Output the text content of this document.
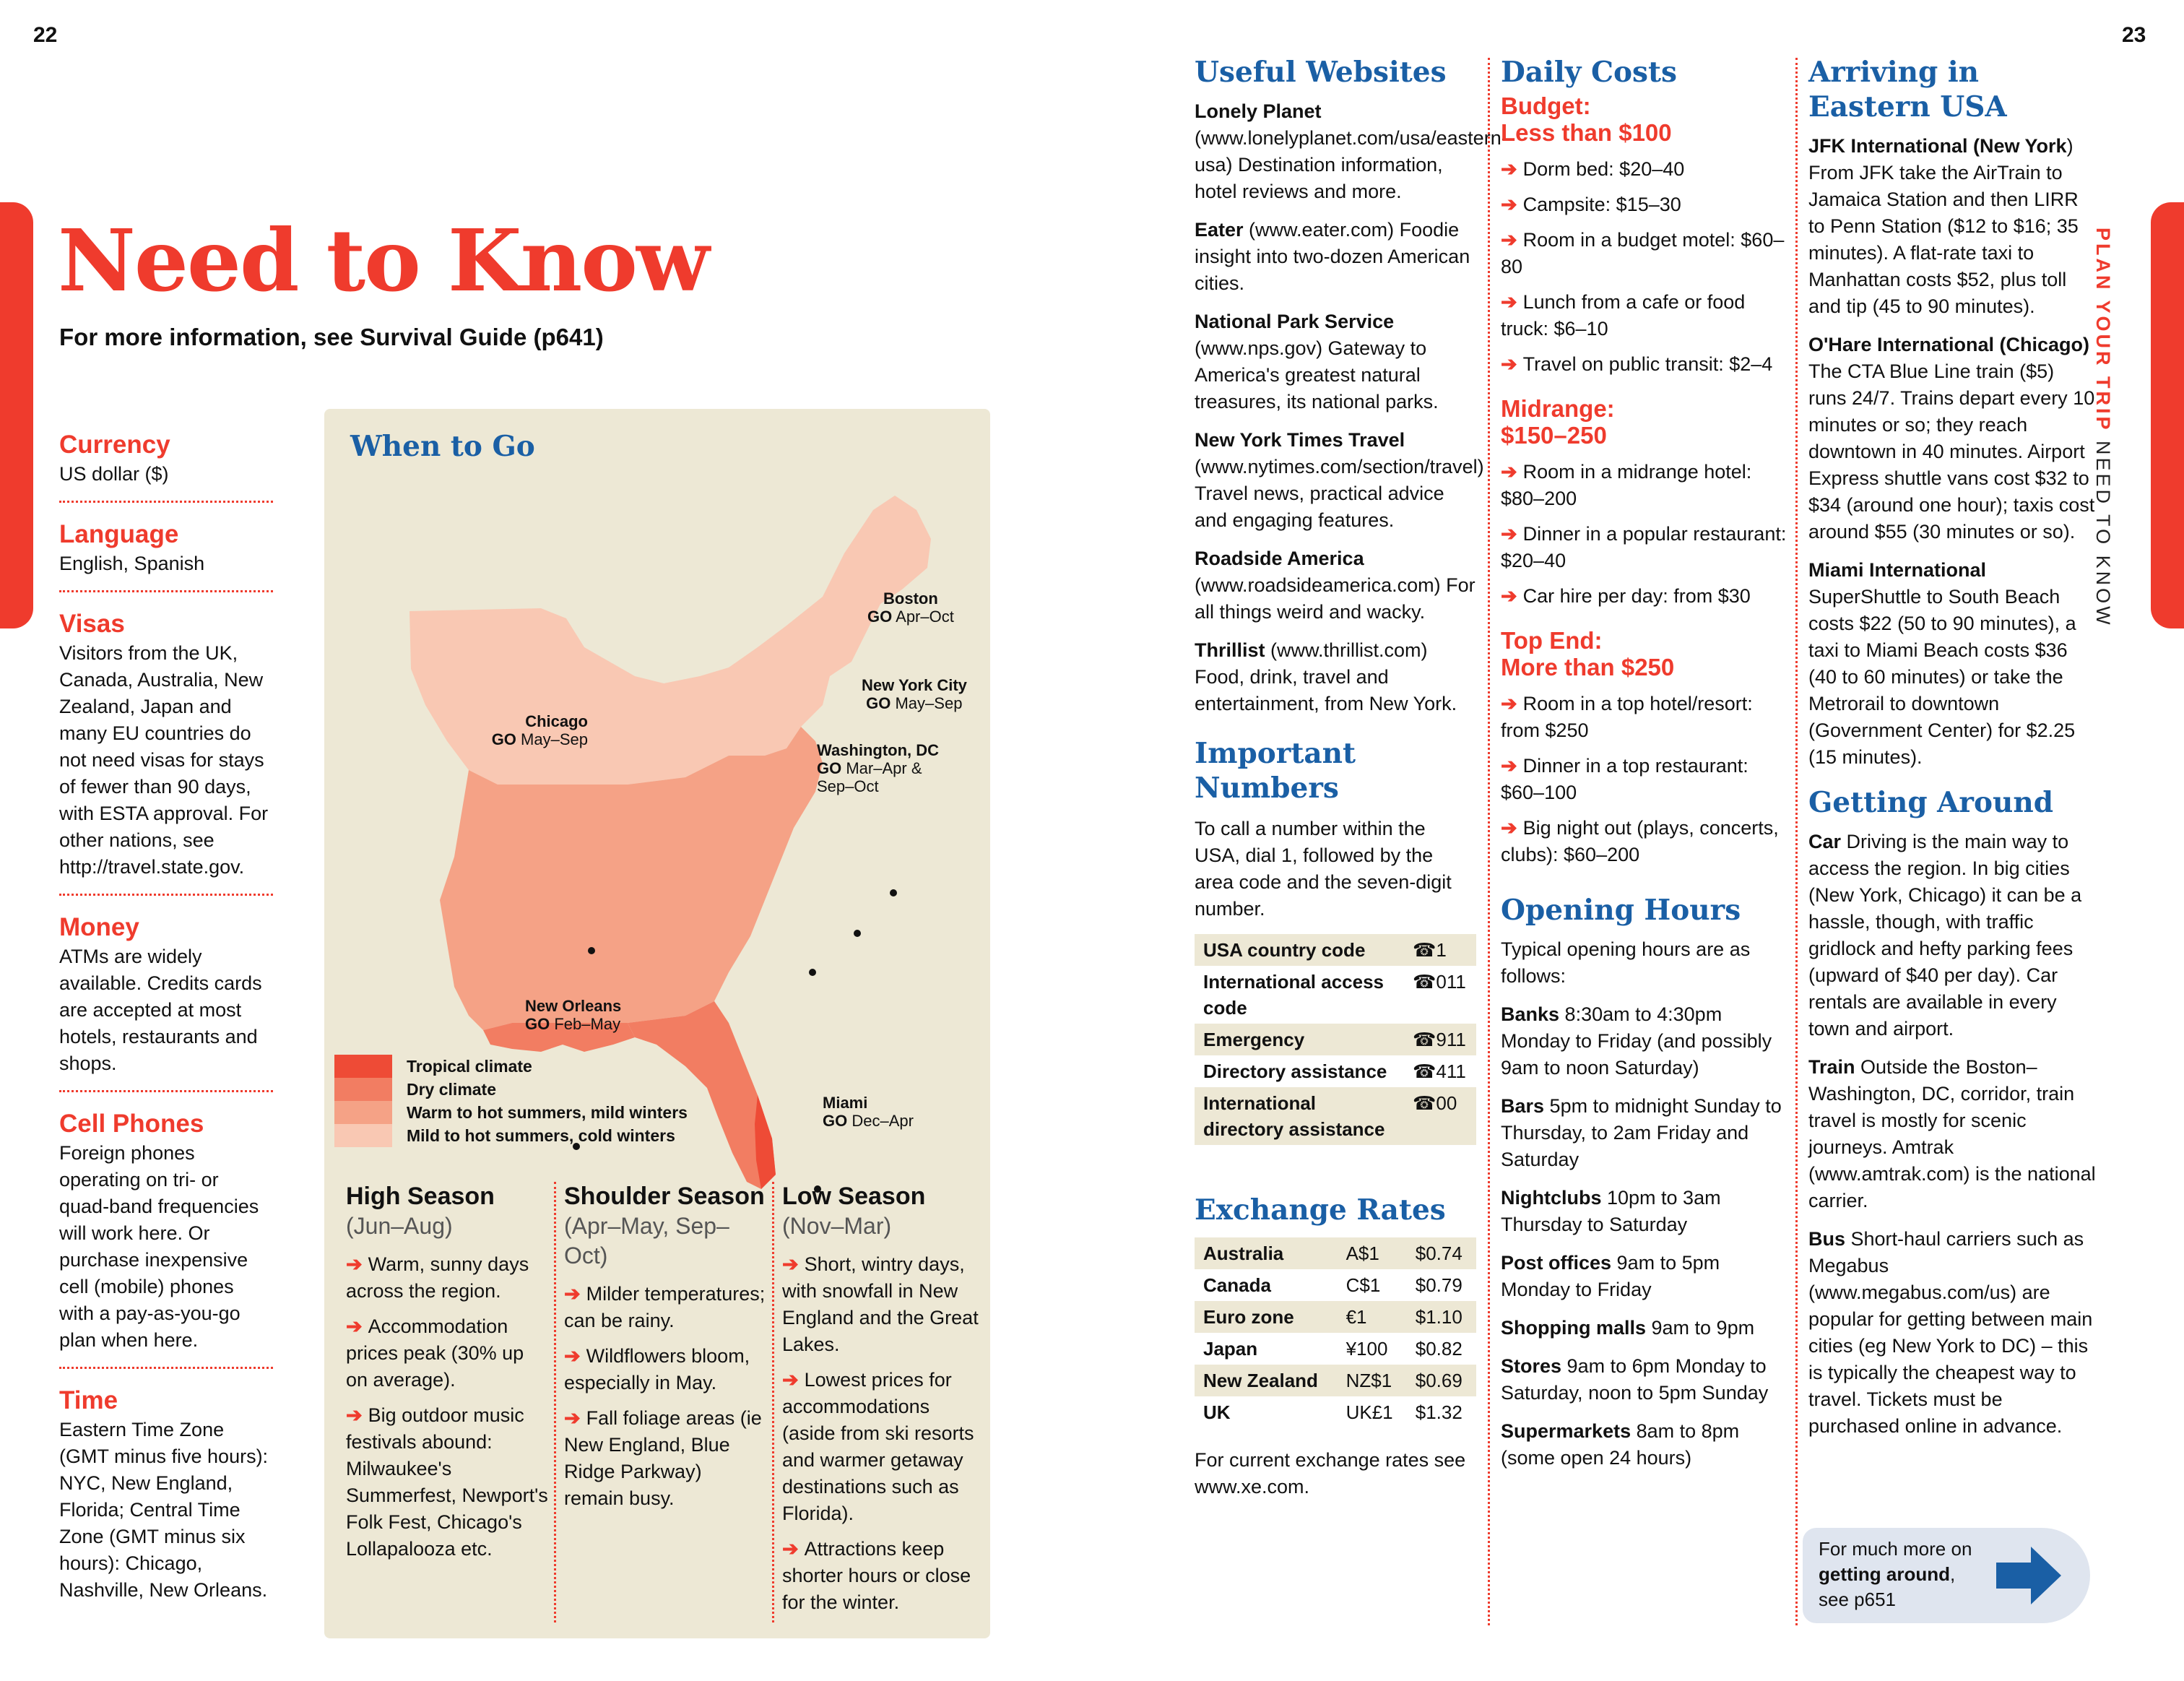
22	23
PLAN YOUR TRIP NEED TO KNOW
Need to Know
For more information, see Survival Guide (p641)
Currency
US dollar ($)
Language
English, Spanish
Visas
Visitors from the UK, Canada, Australia, New Zealand, Japan and many EU countries do not need visas for stays of fewer than 90 days, with ESTA approval. For other nations, see http://travel.state.gov.
Money
ATMs are widely available. Credits cards are accepted at most hotels, restaurants and shops.
Cell Phones
Foreign phones operating on tri- or quad-band frequencies will work here. Or purchase inexpensive cell (mobile) phones with a pay-as-you-go plan when here.
Time
Eastern Time Zone (GMT minus five hours): NYC, New England, Florida; Central Time Zone (GMT minus six hours): Chicago, Nashville, New Orleans.
When to Go
Boston
GO Apr–Oct
New York City
GO May–Sep
Chicago
GO May–Sep
Washington, DC
GO Mar–Apr & Sep–Oct
New Orleans
GO Feb–May
Miami
GO Dec–Apr
Tropical climate
Dry climate
Warm to hot summers, mild winters
Mild to hot summers, cold winters
High Season
(Jun–Aug)
➔ Warm, sunny days across the region.
➔ Accommodation prices peak (30% up on average).
➔ Big outdoor music festivals abound: Milwaukee's Summerfest, Newport's Folk Fest, Chicago's Lollapalooza etc.
Shoulder Season
(Apr–May, Sep–Oct)
➔ Milder temperatures; can be rainy.
➔ Wildflowers bloom, especially in May.
➔ Fall foliage areas (ie New England, Blue Ridge Parkway) remain busy.
Low Season
(Nov–Mar)
➔ Short, wintry days, with snowfall in New England and the Great Lakes.
➔ Lowest prices for accommodations (aside from ski resorts and warmer getaway destinations such as Florida).
➔ Attractions keep shorter hours or close for the winter.
Useful Websites
Lonely Planet (www.lonelyplanet.com/usa/eastern-usa) Destination information, hotel reviews and more.
Eater (www.eater.com) Foodie insight into two-dozen American cities.
National Park Service (www.nps.gov) Gateway to America's greatest natural treasures, its national parks.
New York Times Travel (www.nytimes.com/section/travel) Travel news, practical advice and engaging features.
Roadside America (www.roadsideamerica.com) For all things weird and wacky.
Thrillist (www.thrillist.com) Food, drink, travel and entertainment, from New York.
Important Numbers
To call a number within the USA, dial 1, followed by the area code and the seven-digit number.
USA country code	☎1
International access code	☎011
Emergency	☎911
Directory assistance	☎411
International directory assistance	☎00
Exchange Rates
Australia	A$1	$0.74
Canada	C$1	$0.79
Euro zone	€1	$1.10
Japan	¥100	$0.82
New Zealand	NZ$1	$0.69
UK	UK£1	$1.32
For current exchange rates see www.xe.com.
Daily Costs
Budget:
Less than $100
➔ Dorm bed: $20–40
➔ Campsite: $15–30
➔ Room in a budget motel: $60–80
➔ Lunch from a cafe or food truck: $6–10
➔ Travel on public transit: $2–4
Midrange:
$150–250
➔ Room in a midrange hotel: $80–200
➔ Dinner in a popular restaurant: $20–40
➔ Car hire per day: from $30
Top End:
More than $250
➔ Room in a top hotel/resort: from $250
➔ Dinner in a top restaurant: $60–100
➔ Big night out (plays, concerts, clubs): $60–200
Opening Hours
Typical opening hours are as follows:
Banks 8:30am to 4:30pm Monday to Friday (and possibly 9am to noon Saturday)
Bars 5pm to midnight Sunday to Thursday, to 2am Friday and Saturday
Nightclubs 10pm to 3am Thursday to Saturday
Post offices 9am to 5pm Monday to Friday
Shopping malls 9am to 9pm
Stores 9am to 6pm Monday to Saturday, noon to 5pm Sunday
Supermarkets 8am to 8pm (some open 24 hours)
Arriving in Eastern USA
JFK International (New York) From JFK take the AirTrain to Jamaica Station and then LIRR to Penn Station ($12 to $16; 35 minutes). A flat-rate taxi to Manhattan costs $52, plus toll and tip (45 to 90 minutes).
O'Hare International (Chicago) The CTA Blue Line train ($5) runs 24/7. Trains depart every 10 minutes or so; they reach downtown in 40 minutes. Airport Express shuttle vans cost $32 to $34 (around one hour); taxis cost around $55 (30 minutes or so).
Miami International SuperShuttle to South Beach costs $22 (50 to 90 minutes), a taxi to Miami Beach costs $36 (40 to 60 minutes) or take the Metrorail to downtown (Government Center) for $2.25 (15 minutes).
Getting Around
Car Driving is the main way to access the region. In big cities (New York, Chicago) it can be a hassle, though, with traffic gridlock and hefty parking fees (upward of $40 per day). Car rentals are available in every town and airport.
Train Outside the Boston–Washington, DC, corridor, train travel is mostly for scenic journeys. Amtrak (www.amtrak.com) is the national carrier.
Bus Short-haul carriers such as Megabus (www.megabus.com/us) are popular for getting between main cities (eg New York to DC) – this is typically the cheapest way to travel. Tickets must be purchased online in advance.
For much more on
getting around,
see p651
